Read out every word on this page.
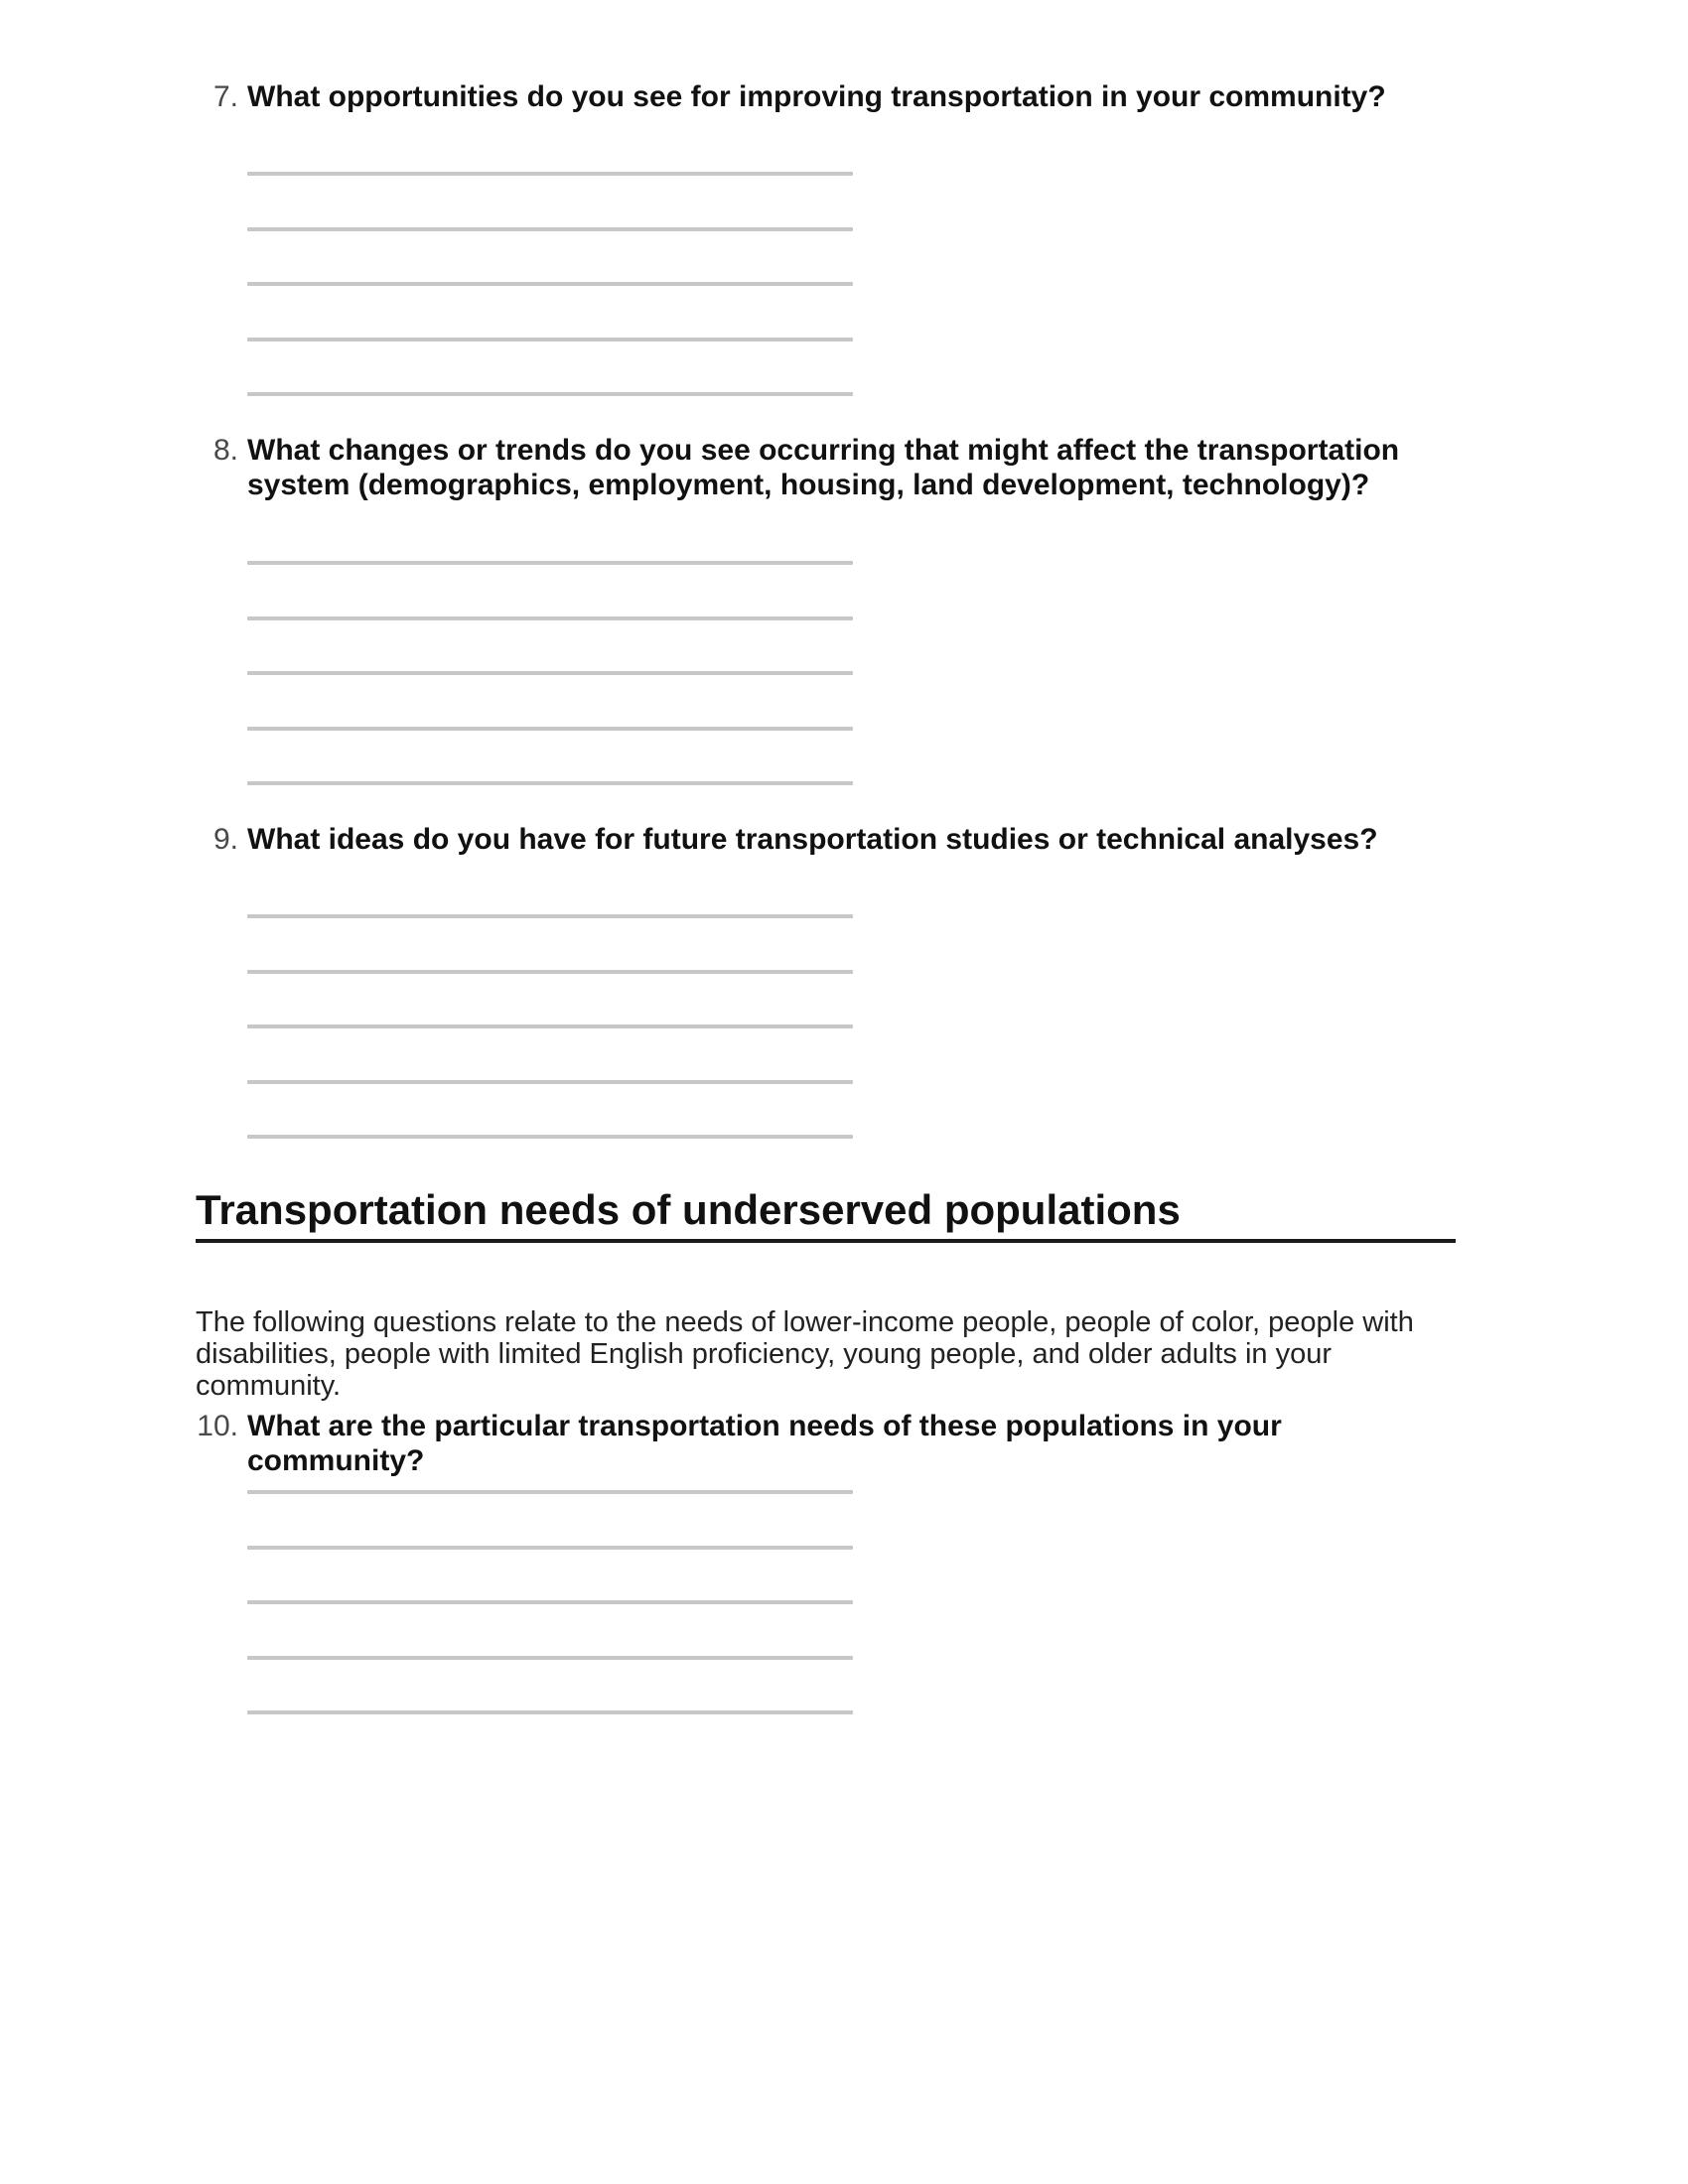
7. What opportunities do you see for improving transportation in your community?
8. What changes or trends do you see occurring that might affect the transportation system (demographics, employment, housing, land development, technology)?
9. What ideas do you have for future transportation studies or technical analyses?
Transportation needs of underserved populations
The following questions relate to the needs of lower-income people, people of color, people with disabilities, people with limited English proficiency, young people, and older adults in your community.
10. What are the particular transportation needs of these populations in your community?
